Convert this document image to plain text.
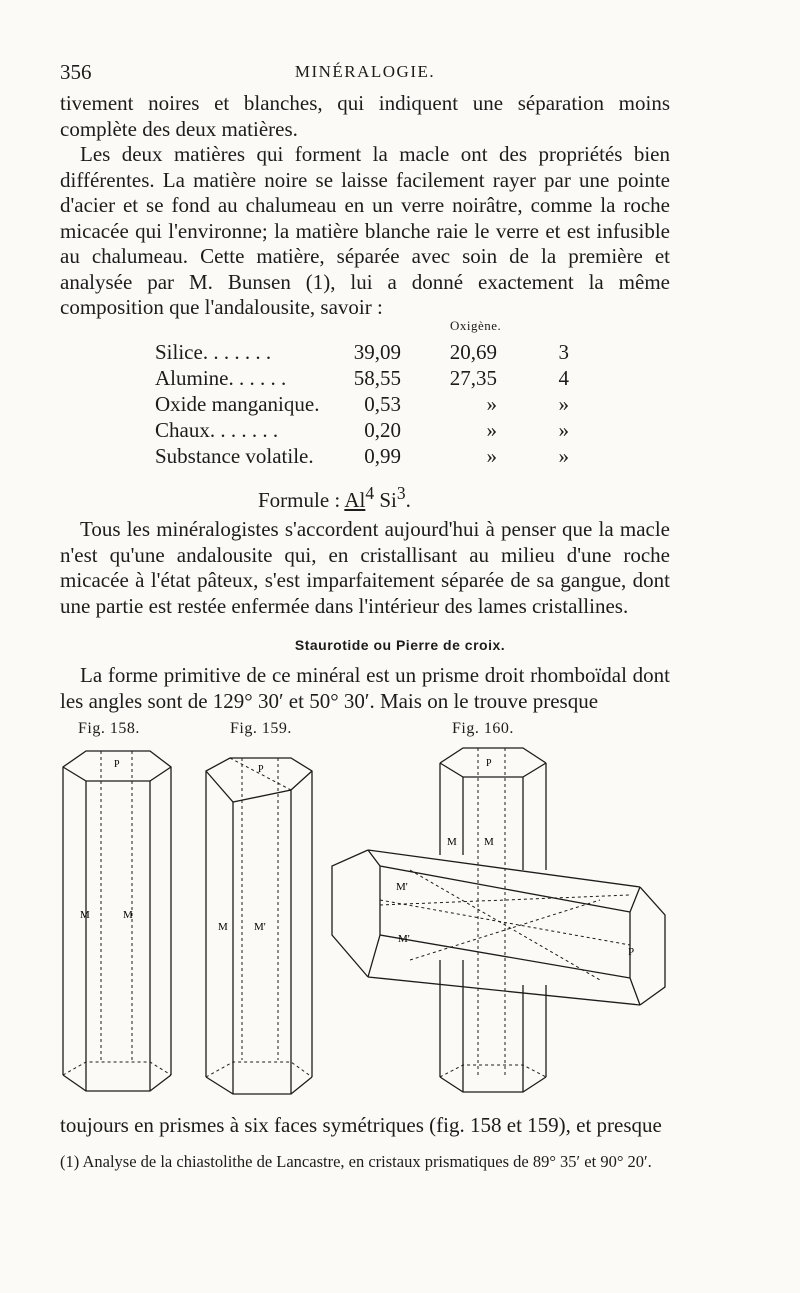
356	MINÉRALOGIE.

tivement noires et blanches, qui indiquent une séparation moins complète des deux matières.

Les deux matières qui forment la macle ont des propriétés bien différentes. La matière noire se laisse facilement rayer par une pointe d'acier et se fond au chalumeau en un verre noirâtre, comme la roche micacée qui l'environne; la matière blanche raie le verre et est infusible au chalumeau. Cette matière, séparée avec soin de la première et analysée par M. Bunsen (1), lui a donné exactement la même composition que l'andalousite, savoir :

Oxigène.
Silice. . . . . . .	39,09	20,69	3
Alumine. . . . . .	58,55	27,35	4
Oxide manganique.	0,53	»	»
Chaux. . . . . . .	0,20	»	»
Substance volatile.	0,99	»	»
Formule : Al$^4$ Si$^3$.

Tous les minéralogistes s'accordent aujourd'hui à penser que la macle n'est qu'une andalousite qui, en cristallisant au milieu d'une roche micacée à l'état pâteux, s'est imparfaitement séparée de sa gangue, dont une partie est restée enfermée dans l'intérieur des lames cristallines.

Staurotide ou Pierre de croix.

La forme primitive de ce minéral est un prisme droit rhomboïdal dont les angles sont de 129° 30′ et 50° 30′. Mais on le trouve presque

Fig. 158.	Fig. 159.	Fig. 160.
P
M	M
P
M M'
P
M M
M'
M'
P

toujours en prismes à six faces symétriques (fig. 158 et 159), et presque

(1) Analyse de la chiastolithe de Lancastre, en cristaux prismatiques de 89° 35′ et 90° 20′.
